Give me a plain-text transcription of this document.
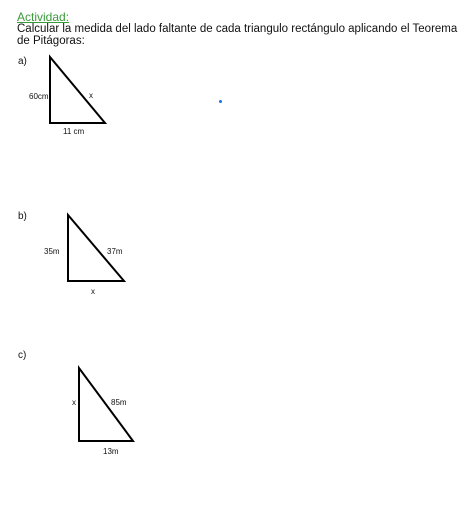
Actividad:
Calcular la medida del lado faltante de cada triangulo rectángulo aplicando el Teorema de Pitágoras:
a)
60cm	x
11 cm
b)
35m	37m
x
c)
x	85m
13m
